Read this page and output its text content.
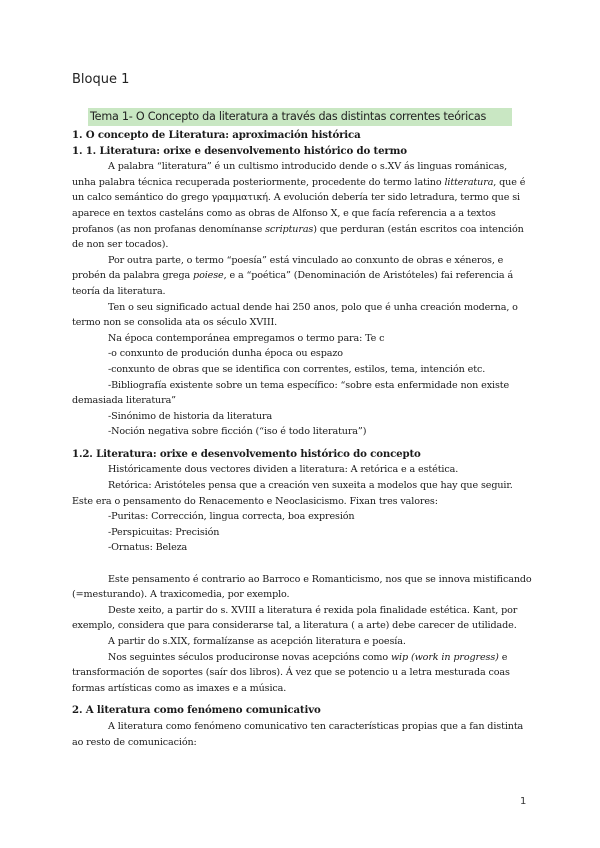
Bloque 1
Tema 1- O Concepto da literatura a través das distintas correntes teóricas

1. O concepto de Literatura: aproximación histórica

1. 1. Literatura: orixe e desenvolvemento histórico do termo

A palabra “literatura” é un cultismo introducido dende o s.XV ás linguas románicas, unha palabra técnica recuperada posteriormente, procedente do termo latino litteratura, que é un calco semántico do grego γραμματική. A evolución debería ter sido letradura, termo que si aparece en textos casteláns como as obras de Alfonso X, e que facía referencia a a textos profanos (as non profanas denomínanse scripturas) que perduran (están escritos coa intención de non ser tocados).

Por outra parte, o termo “poesía” está vinculado ao conxunto de obras e xéneros, e probén da palabra grega poiese, e a “poética” (Denominación de Aristóteles) fai referencia á teoría da literatura.

Ten o seu significado actual dende hai 250 anos, polo que é unha creación moderna, o termo non se consolida ata os século XVIII.

Na época contemporánea empregamos o termo para: Te c

-o conxunto de produción dunha época ou espazo

-conxunto de obras que se identifica con correntes, estilos, tema, intención etc.

-Bibliografía existente sobre un tema específico: “sobre esta enfermidade non existe demasiada literatura”

-Sinónimo de historia da literatura

-Noción negativa sobre ficción (“iso é todo literatura”)

1.2. Literatura: orixe e desenvolvemento histórico do concepto

Históricamente dous vectores dividen a literatura: A retórica e a estética.

Retórica: Aristóteles pensa que a creación ven suxeita a modelos que hay que seguir. Este era o pensamento do Renacemento e Neoclasicismo. Fixan tres valores:

-Puritas: Corrección, lingua correcta, boa expresión

-Perspicuitas: Precisión

-Ornatus: Beleza

Este pensamento é contrario ao Barroco e Romanticismo, nos que se innova mistificando (=mesturando). A traxicomedia, por exemplo.

Deste xeito, a partir do s. XVIII a literatura é rexida pola finalidade estética. Kant, por exemplo, considera que para considerarse tal, a literatura ( a arte) debe carecer de utilidade.

A partir do s.XIX, formalízanse as acepción literatura e poesía.

Nos seguintes séculos producironse novas acepcións como wip (work in progress) e transformación de soportes (saír dos libros). Á vez que se potencio u a letra mesturada coas formas artísticas como as imaxes e a música.

2. A literatura como fenómeno comunicativo

A literatura como fenómeno comunicativo ten características propias que a fan distinta ao resto de comunicación:

1
